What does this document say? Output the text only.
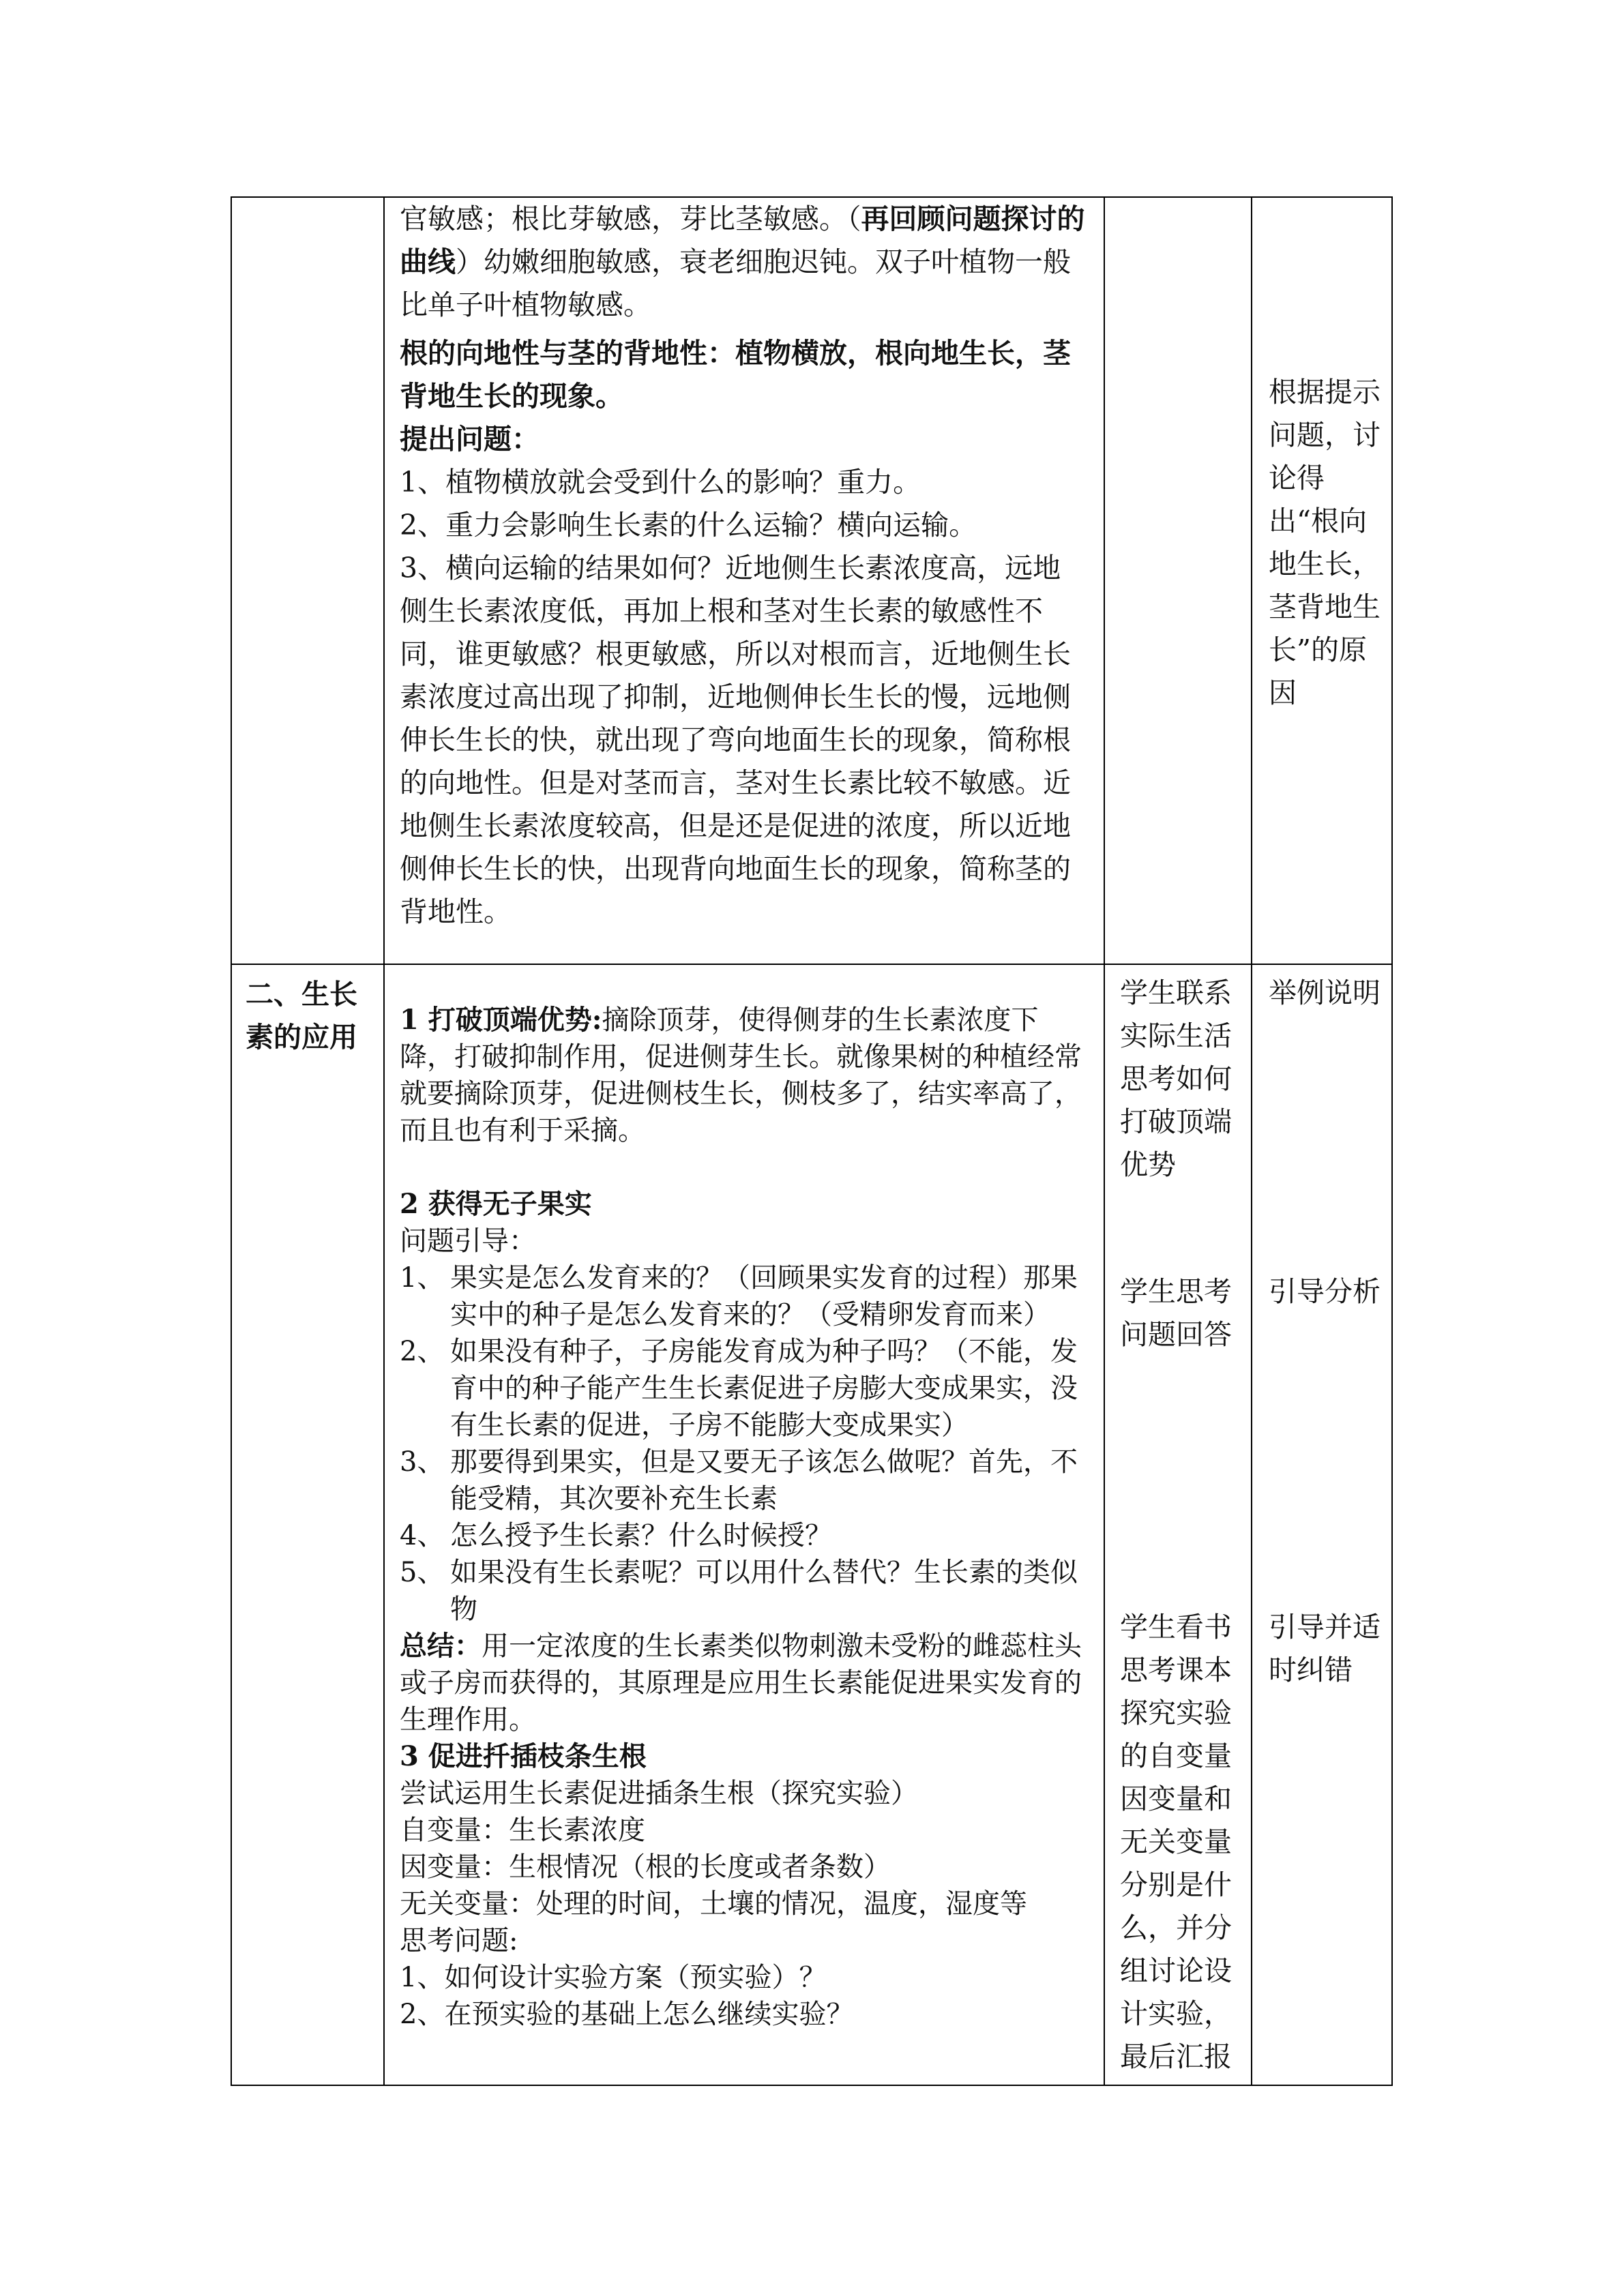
官敏感；根比芽敏感，芽比茎敏感。（再回顾问题探讨的曲线）幼嫩细胞敏感，衰老细胞迟钝。双子叶植物一般比单子叶植物敏感。

根的向地性与茎的背地性：植物横放，根向地生长，茎背地生长的现象。

提出问题：

1、植物横放就会受到什么的影响？重力。

2、重力会影响生长素的什么运输？横向运输。

3、横向运输的结果如何？近地侧生长素浓度高，远地侧生长素浓度低，再加上根和茎对生长素的敏感性不同，谁更敏感？根更敏感，所以对根而言，近地侧生长素浓度过高出现了抑制，近地侧伸长生长的慢，远地侧伸长生长的快，就出现了弯向地面生长的现象，简称根的向地性。但是对茎而言，茎对生长素比较不敏感。近地侧生长素浓度较高，但是还是促进的浓度，所以近地侧伸长生长的快，出现背向地面生长的现象，简称茎的背地性。

根据提示问题，讨论得出“根向地生长，茎背地生长”的原因
二、生长素的应用

1 打破顶端优势:摘除顶芽，使得侧芽的生长素浓度下降，打破抑制作用，促进侧芽生长。就像果树的种植经常就要摘除顶芽，促进侧枝生长，侧枝多了，结实率高了，而且也有利于采摘。

2 获得无子果实

问题引导：

1、 果实是怎么发育来的？（回顾果实发育的过程）那果实中的种子是怎么发育来的？（受精卵发育而来）
2、 如果没有种子，子房能发育成为种子吗？（不能，发育中的种子能产生生长素促进子房膨大变成果实，没有生长素的促进，子房不能膨大变成果实）
3、 那要得到果实，但是又要无子该怎么做呢？首先，不能受精，其次要补充生长素
4、 怎么授予生长素？什么时候授？
5、 如果没有生长素呢？可以用什么替代？生长素的类似物

总结：用一定浓度的生长素类似物刺激未受粉的雌蕊柱头或子房而获得的，其原理是应用生长素能促进果实发育的生理作用。

3 促进扦插枝条生根

尝试运用生长素促进插条生根（探究实验）

自变量：生长素浓度

因变量：生根情况（根的长度或者条数）

无关变量：处理的时间，土壤的情况，温度，湿度等

思考问题:

1、如何设计实验方案（预实验）？

2、在预实验的基础上怎么继续实验？

学生联系实际生活思考如何打破顶端优势
学生思考问题回答
学生看书思考课本探究实验的自变量因变量和无关变量分别是什么，并分组讨论设计实验，最后汇报
举例说明
引导分析
引导并适时纠错
